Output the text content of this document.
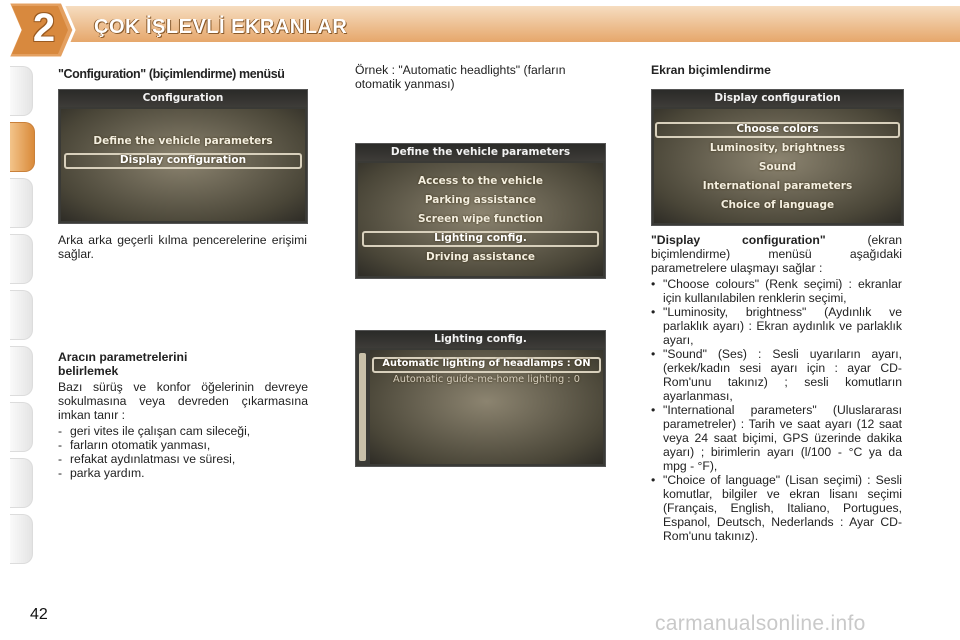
2	ÇOK İŞLEVLİ EKRANLAR
"Configuration" (biçimlendirme) menüsü
Configuration
Define the vehicle parameters
Display configuration
Arka arka geçerli kılma pencerelerine erişimi sağlar.
Aracın parametrelerini
belirlemek
Bazı sürüş ve konfor öğelerinin devreye sokulmasına veya devreden çıkarmasına imkan tanır :
- geri vites ile çalışan cam sileceği,
- farların otomatik yanması,
- refakat aydınlatması ve süresi,
- parka yardım.
Örnek : "Automatic headlights" (farların otomatik yanması)
Define the vehicle parameters
Access to the vehicle
Parking assistance
Screen wipe function
Lighting config.
Driving assistance
Lighting config.
Automatic lighting of headlamps : ON
Automatic guide-me-home lighting : 0
Ekran biçimlendirme
Display configuration
Choose colors
Luminosity, brightness
Sound
International parameters
Choice of language
"Display configuration" (ekran biçimlendirme) menüsü aşağıdaki parametrelere ulaşmayı sağlar :
• "Choose colours" (Renk seçimi) : ekranlar için kullanılabilen renklerin seçimi,
• "Luminosity, brightness" (Aydınlık ve parlaklık ayarı) : Ekran aydınlık ve parlaklık ayarı,
• "Sound" (Ses) : Sesli uyarıların ayarı, (erkek/kadın sesi ayarı için : ayar CD-Rom'unu takınız) ; sesli komutların ayarlanması,
• "International parameters" (Uluslararası parametreler) : Tarih ve saat ayarı (12 saat veya 24 saat biçimi, GPS üzerinde dakika ayarı) ; birimlerin ayarı (l/100 - °C ya da mpg - °F),
• "Choice of language" (Lisan seçimi) : Sesli komutlar, bilgiler ve ekran lisanı seçimi (Français, English, Italiano, Portugues, Espanol, Deutsch, Nederlands : Ayar CD-Rom'unu takınız).
42	carmanualsonline.info
